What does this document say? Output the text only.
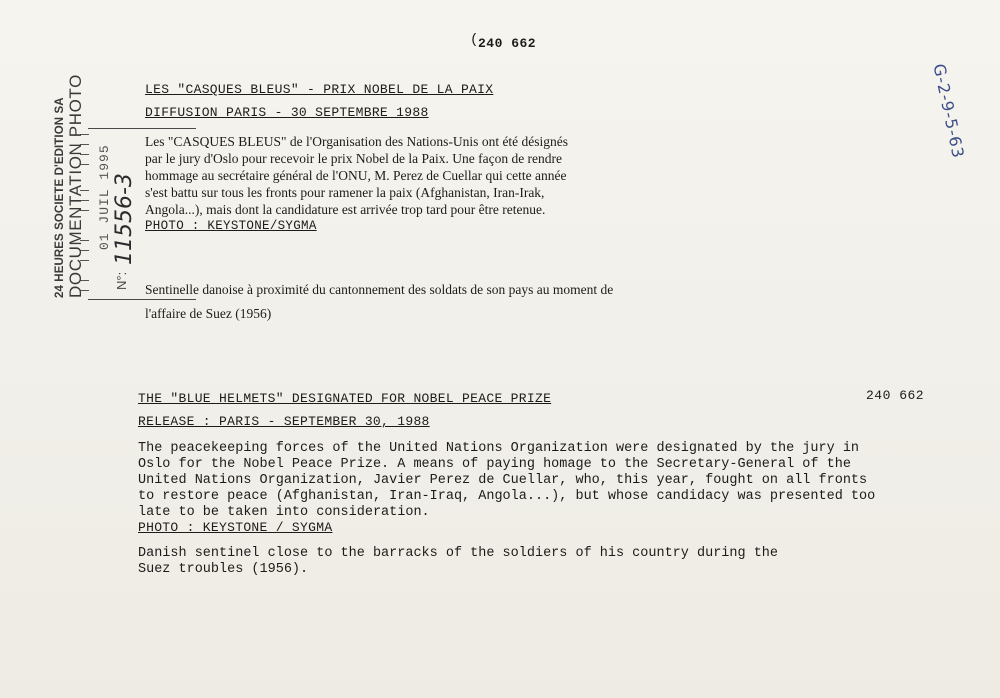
( 240 662
LES "CASQUES BLEUS" - PRIX NOBEL DE LA PAIX
DIFFUSION PARIS - 30 SEPTEMBRE 1988

Les "CASQUES BLEUS" de l'Organisation des Nations-Unis ont été désignés

par le jury d'Oslo pour recevoir le prix Nobel de la Paix. Une façon de rendre

hommage au secrétaire général de l'ONU, M. Perez de Cuellar qui cette année

s'est battu sur tous les fronts pour ramener la paix (Afghanistan, Iran-Irak,

Angola...), mais dont la candidature est arrivée trop tard pour être retenue.

PHOTO : KEYSTONE/SYGMA
Sentinelle danoise à proximité du cantonnement des soldats de son pays au moment de
l'affaire de Suez (1956)
THE "BLUE HELMETS" DESIGNATED FOR NOBEL PEACE PRIZE	240 662
RELEASE : PARIS - SEPTEMBER 30, 1988
The peacekeeping forces of the United Nations Organization were designated by the jury in
Oslo for the Nobel Peace Prize. A means of paying homage to the Secretary-General of the
United Nations Organization, Javier Perez de Cuellar, who, this year, fought on all fronts
to restore peace (Afghanistan, Iran-Iraq, Angola...), but whose candidacy was presented too
late to be taken into consideration.
PHOTO : KEYSTONE / SYGMA
Danish sentinel close to the barracks of the soldiers of his country during the
Suez troubles (1956).
24 HEURES SOCIETE D'EDITION SA DOCUMENTATION PHOTO 01 JUIL 1995
N°:
11556-3
G-2-9-5-63
